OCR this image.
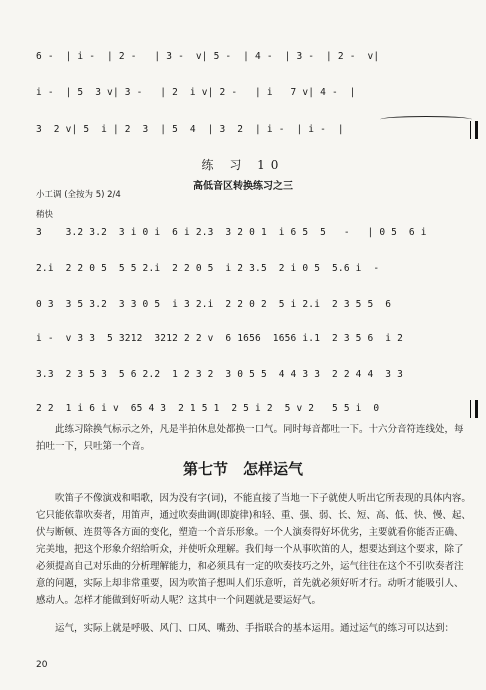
6 -  | i -  | 2 -   | 3 -  v| 5 -  | 4 -  | 3 -  | 2 -  v|
i -  | 5  3 v| 3 -   | 2  i v| 2 -   | i   7 v| 4 -  |
3  2 v| 5  i | 2  3  | 5  4  | 3  2  | i -  | i -  |
练 习 10
高低音区转换练习之三
小工调 (全按为 5) 2/4
稍快
3    3.2 3.2  3 i 0 i  6 i 2.3  3 2 0 1  i 6 5  5   -   | 0 5  6 i
2.i  2 2 0 5  5 5 2.i  2 2 0 5  i 2 3.5  2 i 0 5  5.6 i  -
0 3  3 5 3.2  3 3 0 5  i 3 2.i  2 2 0 2  5 i 2.i  2 3 5 5  6
i -  v 3 3  5 3212  3212 2 2 v  6 1656  1656 i.1  2 3 5 6  i 2
3.3  2 3 5 3  5 6 2.2  1 2 3 2  3 0 5 5  4 4 3 3  2 2 4 4  3 3
2 2  1 i 6 i v  65 4 3  2 1 5 1  2 5 i 2  5 v 2   5 5 i  0
此练习除换气标示之外，凡是半拍休息处都换一口气。同时每音都吐一下。十六分音符连线处，每拍吐一下，只吐第一个音。
第七节　怎样运气
吹笛子不像演戏和唱歌，因为没有字(词)，不能直接了当地一下子就使人听出它所表现的具体内容。它只能依靠吹奏者，用笛声，通过吹奏曲调(即旋律)和轻、重、强、弱、长、短、高、低、快、慢、起、伏与断顿、连贯等各方面的变化，塑造一个音乐形象。一个人演奏得好坏优劣，主要就看你能否正确、完美地，把这个形象介绍给听众，并使听众理解。我们每一个从事吹笛的人，想要达到这个要求，除了必须提高自己对乐曲的分析理解能力，和必须具有一定的吹奏技巧之外，运气往往在这个不引吹奏者注意的问题，实际上却非常重要，因为吹笛子想叫人们乐意听，首先就必须好听才行。动听才能吸引人、感动人。怎样才能做到好听动人呢？这其中一个问题就是要运好气。
运气，实际上就是呼吸、风门、口风、嘴劲、手指联合的基本运用。通过运气的练习可以达到：
20
